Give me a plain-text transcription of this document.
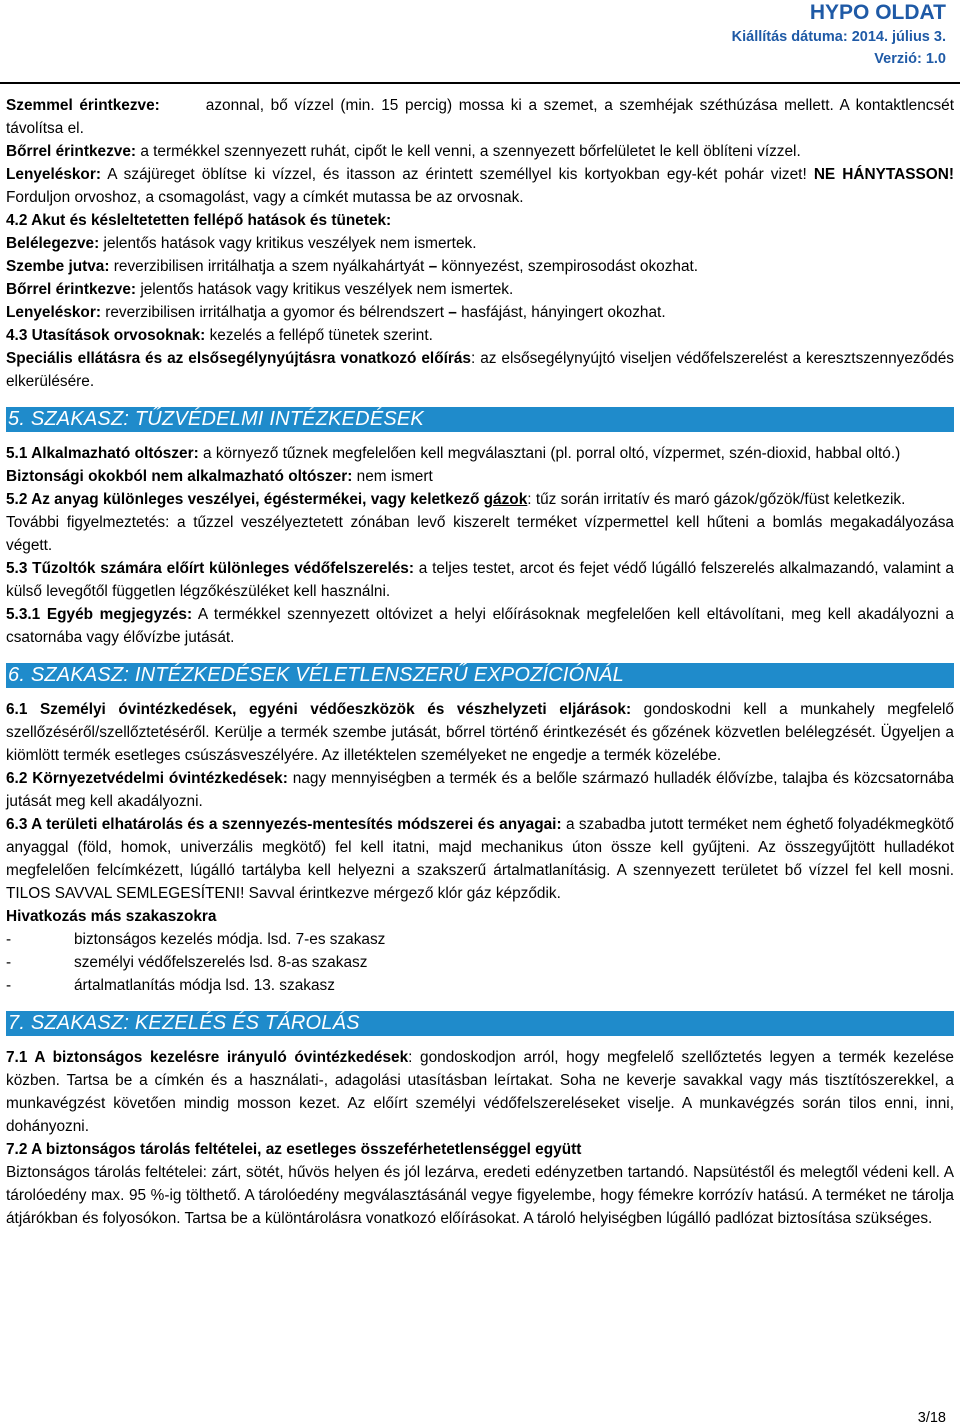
HYPO OLDAT
Kiállítás dátuma: 2014. július 3.
Verzió: 1.0

Szemmel érintkezve:	azonnal, bő vízzel (min. 15 percig) mossa ki a szemet, a szemhéjak széthúzása mellett. A kontaktlencsét távolítsa el.

Bőrrel érintkezve: a termékkel szennyezett ruhát, cipőt le kell venni, a szennyezett bőrfelületet le kell öblíteni vízzel.

Lenyeléskor: A szájüreget öblítse ki vízzel, és itasson az érintett személlyel kis kortyokban egy-két pohár vizet! NE HÁNYTASSON! Forduljon orvoshoz, a csomagolást, vagy a címkét mutassa be az orvosnak.

4.2 Akut és késleltetetten fellépő hatások és tünetek:

Belélegezve: jelentős hatások vagy kritikus veszélyek nem ismertek.

Szembe jutva: reverzibilisen irritálhatja a szem nyálkahártyát – könnyezést, szempirosodást okozhat.

Bőrrel érintkezve: jelentős hatások vagy kritikus veszélyek nem ismertek.

Lenyeléskor: reverzibilisen irritálhatja a gyomor és bélrendszert – hasfájást, hányingert okozhat.

4.3 Utasítások orvosoknak: kezelés a fellépő tünetek szerint.

Speciális ellátásra és az elsősegélynyújtásra vonatkozó előírás: az elsősegélynyújtó viseljen védőfelszerelést a keresztszennyeződés elkerülésére.

5. SZAKASZ: TŰZVÉDELMI INTÉZKEDÉSEK

5.1 Alkalmazható oltószer: a környező tűznek megfelelően kell megválasztani (pl. porral oltó, vízpermet, szén-dioxid, habbal oltó.)

Biztonsági okokból nem alkalmazható oltószer: nem ismert

5.2 Az anyag különleges veszélyei, égéstermékei, vagy keletkező gázok: tűz során irritatív és maró gázok/gőzök/füst keletkezik.

További figyelmeztetés: a tűzzel veszélyeztetett zónában levő kiszerelt terméket vízpermettel kell hűteni a bomlás megakadályozása végett.

5.3 Tűzoltók számára előírt különleges védőfelszerelés: a teljes testet, arcot és fejet védő lúgálló felszerelés alkalmazandó, valamint a külső levegőtől független légzőkészüléket kell használni.

5.3.1 Egyéb megjegyzés: A termékkel szennyezett oltóvizet a helyi előírásoknak megfelelően kell eltávolítani, meg kell akadályozni a csatornába vagy élővízbe jutását.

6. SZAKASZ: INTÉZKEDÉSEK VÉLETLENSZERŰ EXPOZÍCIÓNÁL

6.1 Személyi óvintézkedések, egyéni védőeszközök és vészhelyzeti eljárások: gondoskodni kell a munkahely megfelelő szellőzéséről/szellőztetéséről. Kerülje a termék szembe jutását, bőrrel történő érintkezését és gőzének közvetlen belélegzését. Ügyeljen a kiömlött termék esetleges csúszásveszélyére. Az illetéktelen személyeket ne engedje a termék közelébe.

6.2 Környezetvédelmi óvintézkedések: nagy mennyiségben a termék és a belőle származó hulladék élővízbe, talajba és közcsatornába jutását meg kell akadályozni.

6.3 A területi elhatárolás és a szennyezés-mentesítés módszerei és anyagai: a szabadba jutott terméket nem éghető folyadékmegkötő anyaggal (föld, homok, univerzális megkötő) fel kell itatni, majd mechanikus úton össze kell gyűjteni. Az összegyűjtött hulladékot megfelelően felcímkézett, lúgálló tartályba kell helyezni a szakszerű ártalmatlanításig. A szennyezett területet bő vízzel fel kell mosni. TILOS SAVVAL SEMLEGESÍTENI! Savval érintkezve mérgező klór gáz képződik.

Hivatkozás más szakaszokra

-	biztonságos kezelés módja. lsd. 7-es szakasz
-	személyi védőfelszerelés lsd. 8-as szakasz
-	ártalmatlanítás módja lsd. 13. szakasz
7. SZAKASZ: KEZELÉS ÉS TÁROLÁS

7.1 A biztonságos kezelésre irányuló óvintézkedések: gondoskodjon arról, hogy megfelelő szellőztetés legyen a termék kezelése közben. Tartsa be a címkén és a használati-, adagolási utasításban leírtakat. Soha ne keverje savakkal vagy más tisztítószerekkel, a munkavégzést követően mindig mosson kezet. Az előírt személyi védőfelszereléseket viselje. A munkavégzés során tilos enni, inni, dohányozni.

7.2 A biztonságos tárolás feltételei, az esetleges összeférhetetlenséggel együtt

Biztonságos tárolás feltételei: zárt, sötét, hűvös helyen és jól lezárva, eredeti edényzetben tartandó. Napsütéstől és melegtől védeni kell. A tárolóedény max. 95 %-ig tölthető. A tárolóedény megválasztásánál vegye figyelembe, hogy fémekre korrózív hatású. A terméket ne tárolja átjárókban és folyosókon. Tartsa be a különtárolásra vonatkozó előírásokat. A tároló helyiségben lúgálló padlózat biztosítása szükséges.

3/18
